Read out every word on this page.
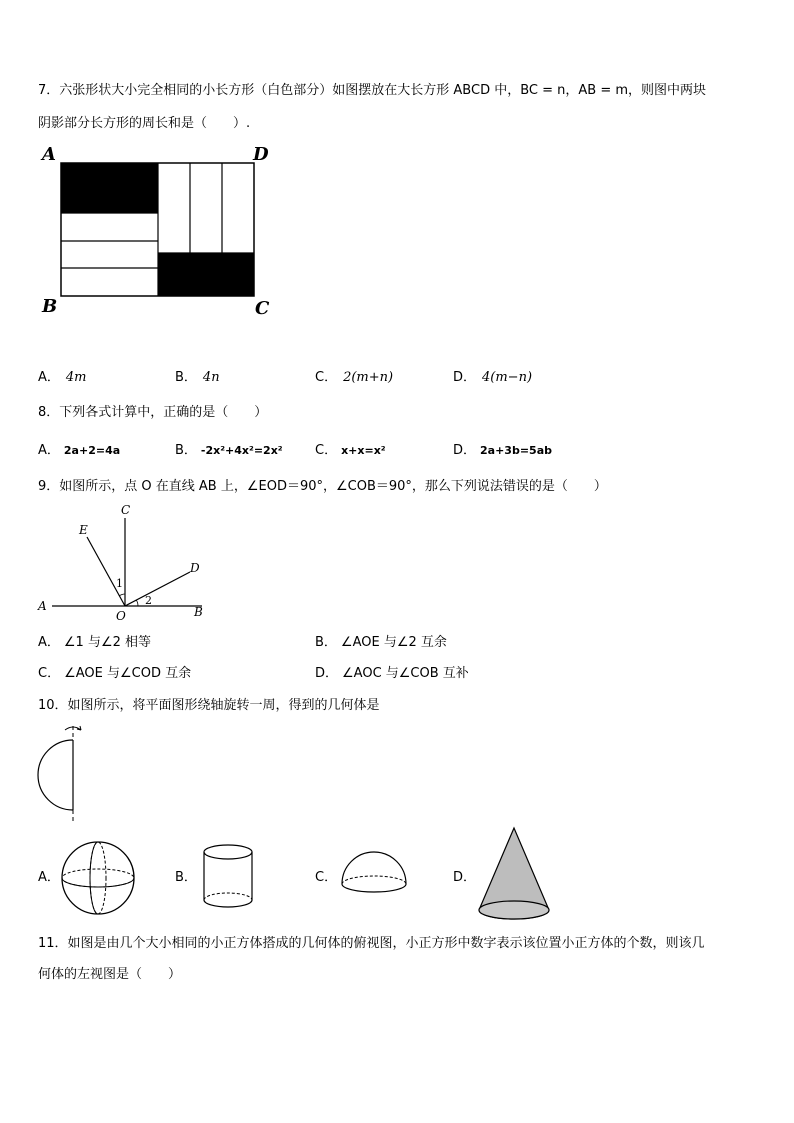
7．六张形状大小完全相同的小长方形（白色部分）如图摆放在大长方形 ABCD 中，BC = n，AB = m，则图中两块
阴影部分长方形的周长和是（　　）.
A	D
B	C
A． 4m	B． 4n	C． 2(m+n)	D． 4(m−n)
8．下列各式计算中，正确的是（　　）
A． 2a+2=4a	B． -2x²+4x²=2x² C． x+x=x²	D． 2a+3b=5ab
9．如图所示，点 O 在直线 AB 上，∠EOD＝90°，∠COB＝90°，那么下列说法错误的是（　　）
A	B
C
D
E
O
1
2
A． ∠1 与∠2 相等	B． ∠AOE 与∠2 互余
C． ∠AOE 与∠COD 互余	D． ∠AOC 与∠COB 互补
10．如图所示，将平面图形绕轴旋转一周，得到的几何体是
A．	B．	C．	D．
11．如图是由几个大小相同的小正方体搭成的几何体的俯视图，小正方形中数字表示该位置小正方体的个数，则该几
何体的左视图是（　　）
